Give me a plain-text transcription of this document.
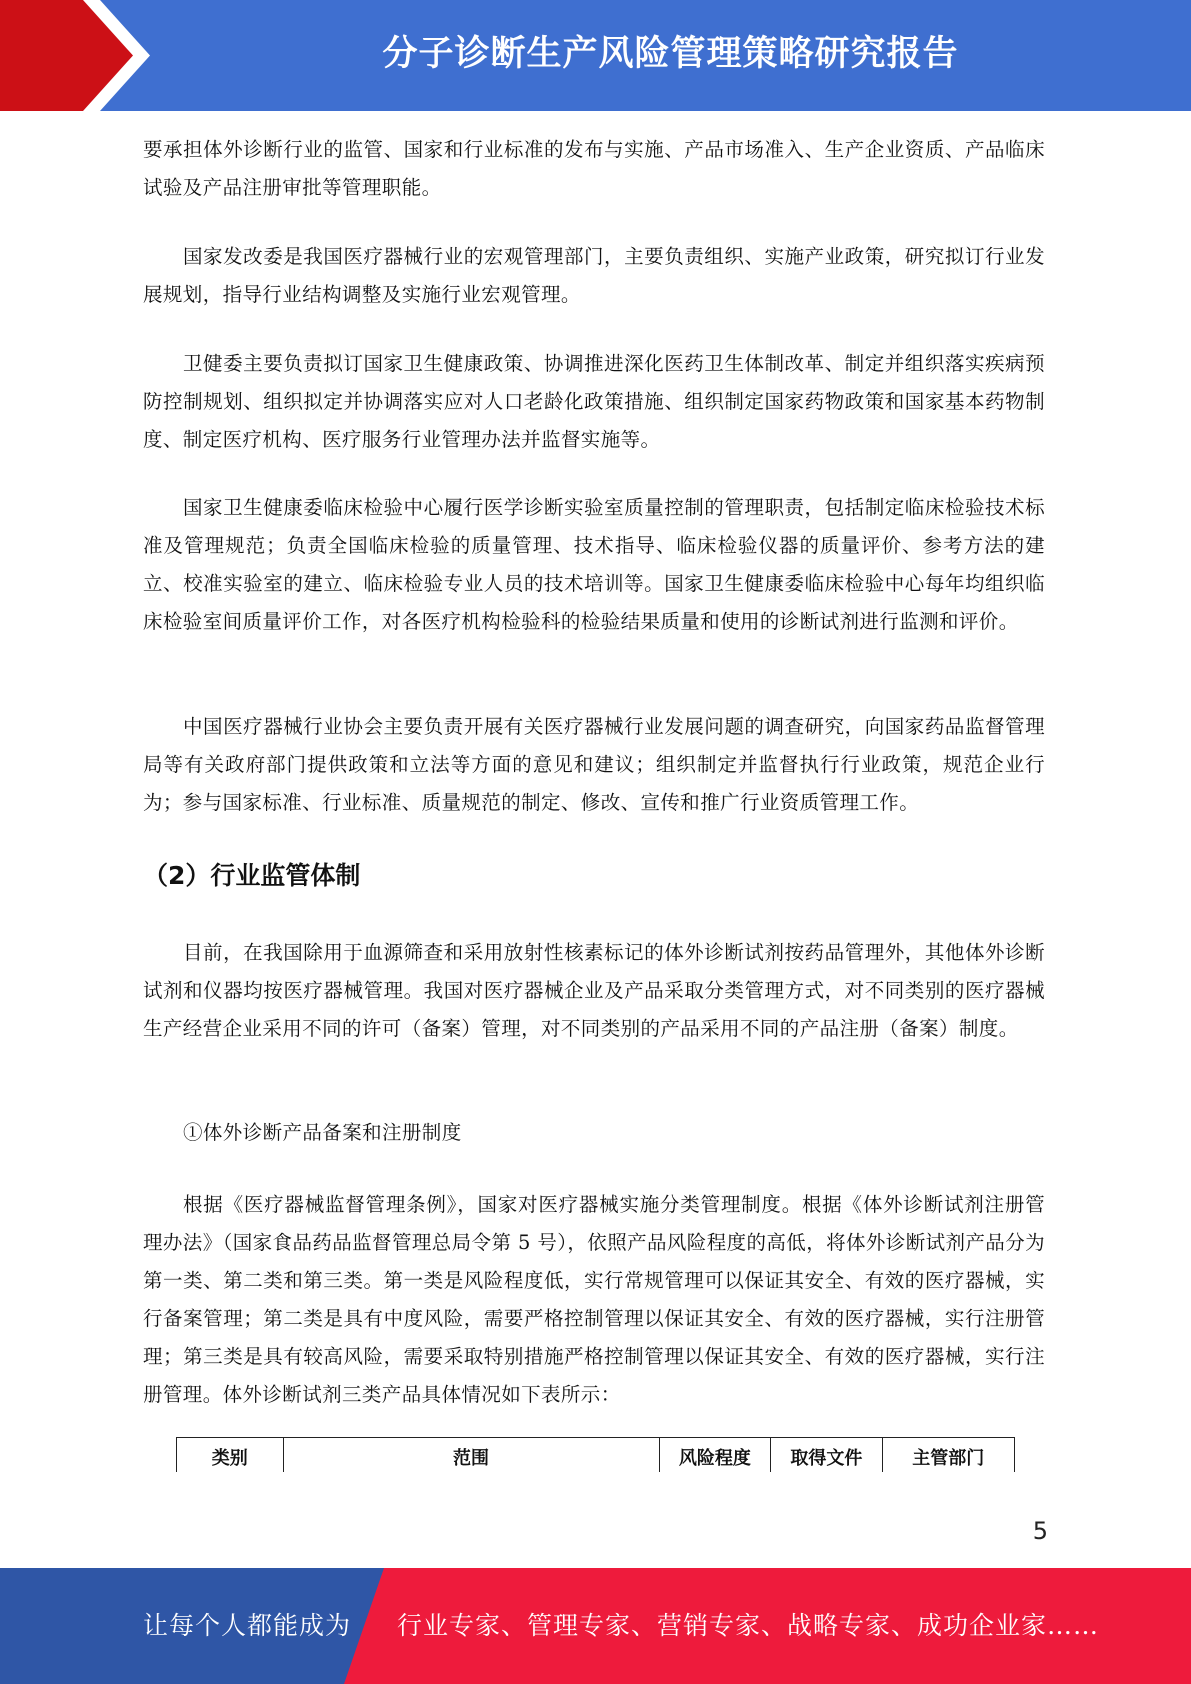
分子诊断生产风险管理策略研究报告

要承担体外诊断行业的监管、国家和行业标准的发布与实施、产品市场准入、生产企业资质、产品临床试验及产品注册审批等管理职能。

国家发改委是我国医疗器械行业的宏观管理部门，主要负责组织、实施产业政策，研究拟订行业发展规划，指导行业结构调整及实施行业宏观管理。

卫健委主要负责拟订国家卫生健康政策、协调推进深化医药卫生体制改革、制定并组织落实疾病预防控制规划、组织拟定并协调落实应对人口老龄化政策措施、组织制定国家药物政策和国家基本药物制度、制定医疗机构、医疗服务行业管理办法并监督实施等。

国家卫生健康委临床检验中心履行医学诊断实验室质量控制的管理职责，包括制定临床检验技术标准及管理规范；负责全国临床检验的质量管理、技术指导、临床检验仪器的质量评价、参考方法的建立、校准实验室的建立、临床检验专业人员的技术培训等。国家卫生健康委临床检验中心每年均组织临床检验室间质量评价工作，对各医疗机构检验科的检验结果质量和使用的诊断试剂进行监测和评价。

中国医疗器械行业协会主要负责开展有关医疗器械行业发展问题的调查研究，向国家药品监督管理局等有关政府部门提供政策和立法等方面的意见和建议；组织制定并监督执行行业政策，规范企业行为；参与国家标准、行业标准、质量规范的制定、修改、宣传和推广行业资质管理工作。

（2）行业监管体制

目前，在我国除用于血源筛查和采用放射性核素标记的体外诊断试剂按药品管理外，其他体外诊断试剂和仪器均按医疗器械管理。我国对医疗器械企业及产品采取分类管理方式，对不同类别的医疗器械生产经营企业采用不同的许可（备案）管理，对不同类别的产品采用不同的产品注册（备案）制度。

①体外诊断产品备案和注册制度

根据《医疗器械监督管理条例》，国家对医疗器械实施分类管理制度。根据《体外诊断试剂注册管理办法》（国家食品药品监督管理总局令第 5 号），依照产品风险程度的高低，将体外诊断试剂产品分为第一类、第二类和第三类。第一类是风险程度低，实行常规管理可以保证其安全、有效的医疗器械，实行备案管理；第二类是具有中度风险，需要严格控制管理以保证其安全、有效的医疗器械，实行注册管理；第三类是具有较高风险，需要采取特别措施严格控制管理以保证其安全、有效的医疗器械，实行注册管理。体外诊断试剂三类产品具体情况如下表所示：

类别	范围	风险程度	取得文件	主管部门
5
让每个人都能成为 行业专家、管理专家、营销专家、战略专家、成功企业家……
